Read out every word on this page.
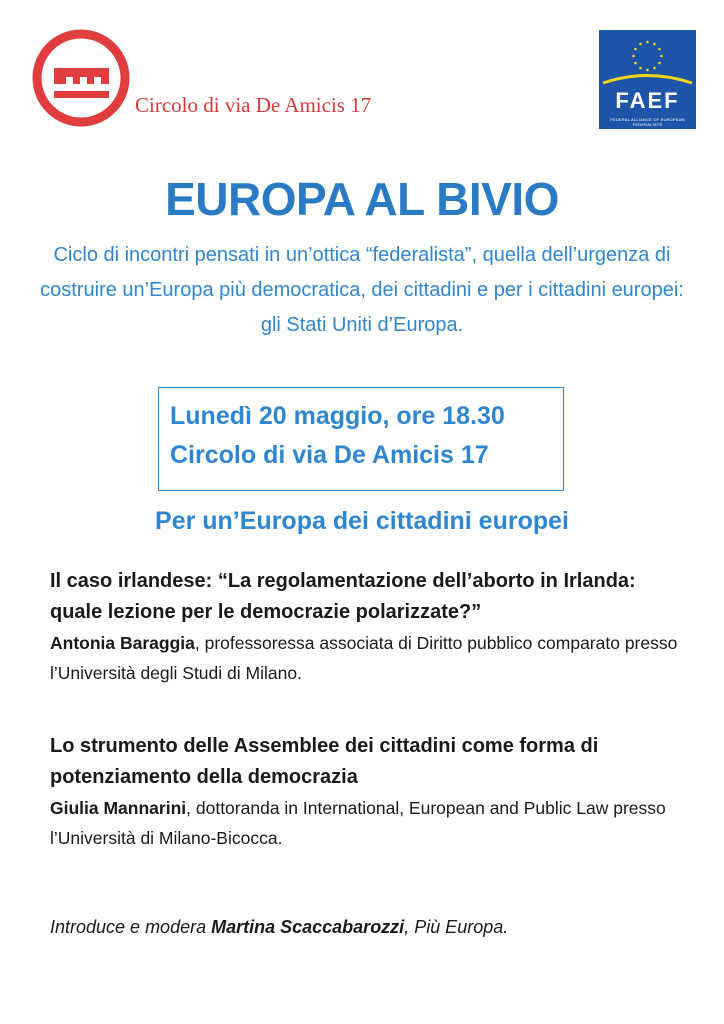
Circolo di via De Amicis 17	FAEF
FEDERAL ALLIANCE OF EUROPEAN FEDERALISTS
EUROPA AL BIVIO
Ciclo di incontri pensati in un’ottica “federalista”, quella dell’urgenza di costruire un’Europa più democratica, dei cittadini e per i cittadini europei: gli Stati Uniti d’Europa.
Lunedì 20 maggio, ore 18.30
Circolo di via De Amicis 17
Per un’Europa dei cittadini europei
Il caso irlandese: “La regolamentazione dell’aborto in Irlanda: quale lezione per le democrazie polarizzate?”
Antonia Baraggia, professoressa associata di Diritto pubblico comparato presso l’Università degli Studi di Milano.
Lo strumento delle Assemblee dei cittadini come forma di potenziamento della democrazia
Giulia Mannarini, dottoranda in International, European and Public Law presso l’Università di Milano-Bicocca.
Introduce e modera Martina Scaccabarozzi, Più Europa.
